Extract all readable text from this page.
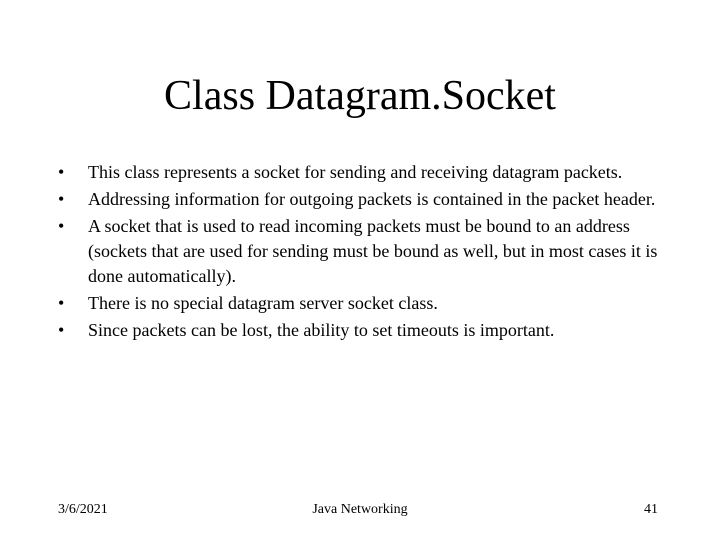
Class Datagram.Socket
•	This class represents a socket for sending and receiving datagram packets.
•	Addressing information for outgoing packets is contained in the packet header.
•	A socket that is used to read incoming packets must be bound to an address (sockets that are used for sending must be bound as well, but in most cases it is done automatically).
•	There is no special datagram server socket class.
•	Since packets can be lost, the ability to set timeouts is important.
3/6/2021	Java Networking	41
